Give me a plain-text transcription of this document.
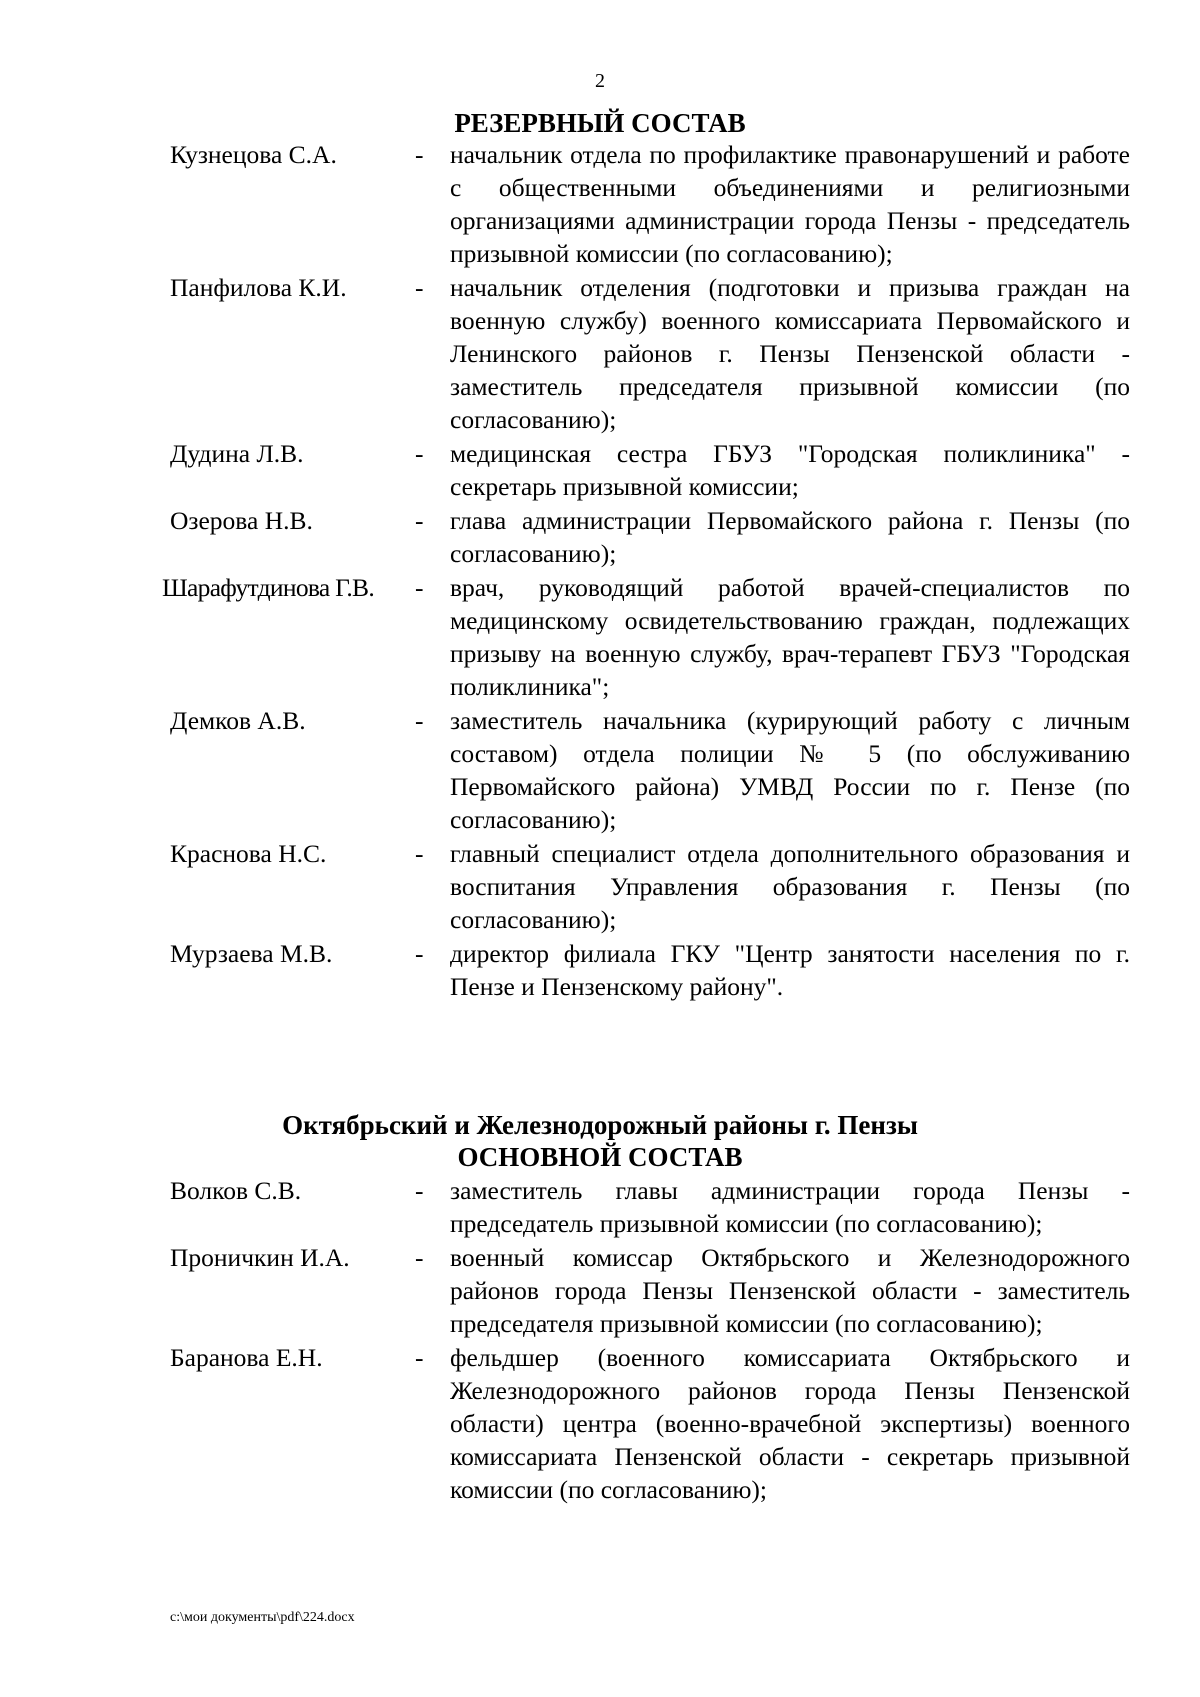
2
РЕЗЕРВНЫЙ СОСТАВ
Кузнецова С.А.	-	начальник отдела по профилактике правонарушений и работе с общественными объединениями и религиозными организациями администрации города Пензы - председатель призывной комиссии (по согласованию);
Панфилова К.И.	-	начальник отделения (подготовки и призыва граждан на военную службу) военного комиссариата Первомайского и Ленинского районов г. Пензы Пензенской области - заместитель председателя призывной комиссии (по согласованию);
Дудина Л.В.	-	медицинская сестра ГБУЗ "Городская поликлиника" - секретарь призывной комиссии;
Озерова Н.В.	-	глава администрации Первомайского района г. Пензы (по согласованию);
Шарафутдинова Г.В.	-	врач, руководящий работой врачей-специалистов по медицинскому освидетельствованию граждан, подлежащих призыву на военную службу, врач-терапевт ГБУЗ "Городская поликлиника";
Демков А.В.	-	заместитель начальника (курирующий работу с личным составом) отдела полиции № 5 (по обслуживанию Первомайского района) УМВД России по г. Пензе (по согласованию);
Краснова Н.С.	-	главный специалист отдела дополнительного образования и воспитания Управления образования г. Пензы (по согласованию);
Мурзаева М.В.	-	директор филиала ГКУ "Центр занятости населения по г. Пензе и Пензенскому району".
Октябрьский и Железнодорожный районы г. Пензы
ОСНОВНОЙ СОСТАВ
Волков С.В.	-	заместитель главы администрации города Пензы - председатель призывной комиссии (по согласованию);
Проничкин И.А.	-	военный комиссар Октябрьского и Железнодорожного районов города Пензы Пензенской области - заместитель председателя призывной комиссии (по согласованию);
Баранова Е.Н.	-	фельдшер (военного комиссариата Октябрьского и Железнодорожного районов города Пензы Пензенской области) центра (военно-врачебной экспертизы) военного комиссариата Пензенской области - секретарь призывной комиссии (по согласованию);
c:\мои документы\pdf\224.docx
